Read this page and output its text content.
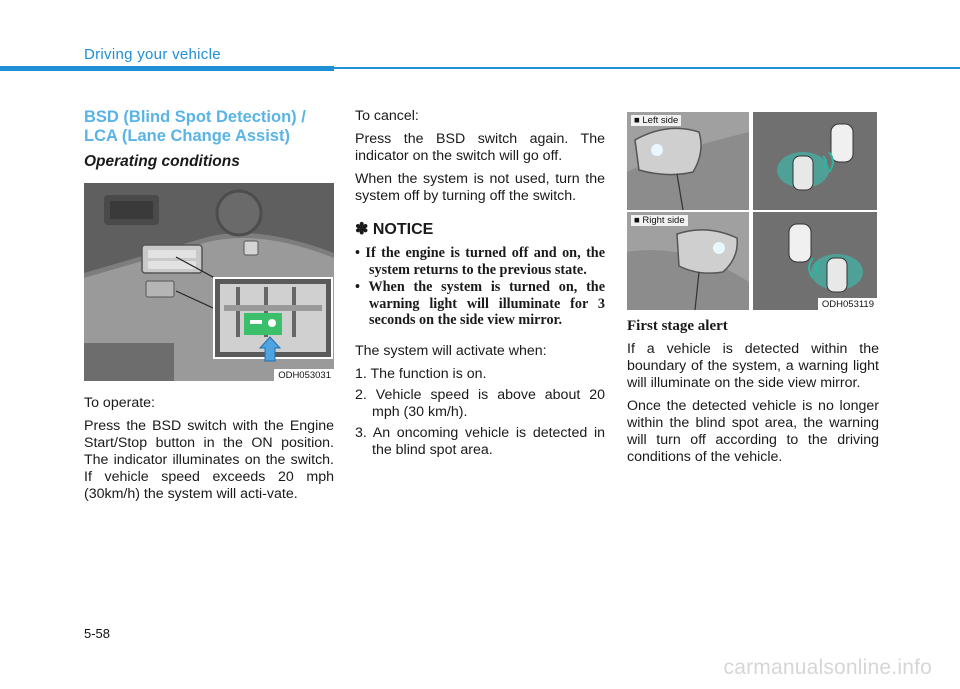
Driving your vehicle
BSD (Blind Spot Detection) /
LCA (Lane Change Assist)
Operating conditions
ODH053031

To operate:

Press the BSD switch with the Engine Start/Stop button in the ON position. The indicator illuminates on the switch. If vehicle speed exceeds 20 mph (30km/h) the system will acti-vate.

To cancel:

Press the BSD switch again. The indicator on the switch will go off.

When the system is not used, turn the system off by turning off the switch.

✽ NOTICE
• If the engine is turned off and on, the system returns to the previous state.
• When the system is turned on, the warning light will illuminate for 3 seconds on the side view mirror.

The system will activate when:

1. The function is on.
2. Vehicle speed is above about 20 mph (30 km/h).
3. An oncoming vehicle is detected in the blind spot area.
■ Left side
■ Right side
ODH053119
First stage alert

If a vehicle is detected within the boundary of the system, a warning light will illuminate on the side view mirror.

Once the detected vehicle is no longer within the blind spot area, the warning will turn off according to the driving conditions of the vehicle.

5-58
carmanualsonline.info
